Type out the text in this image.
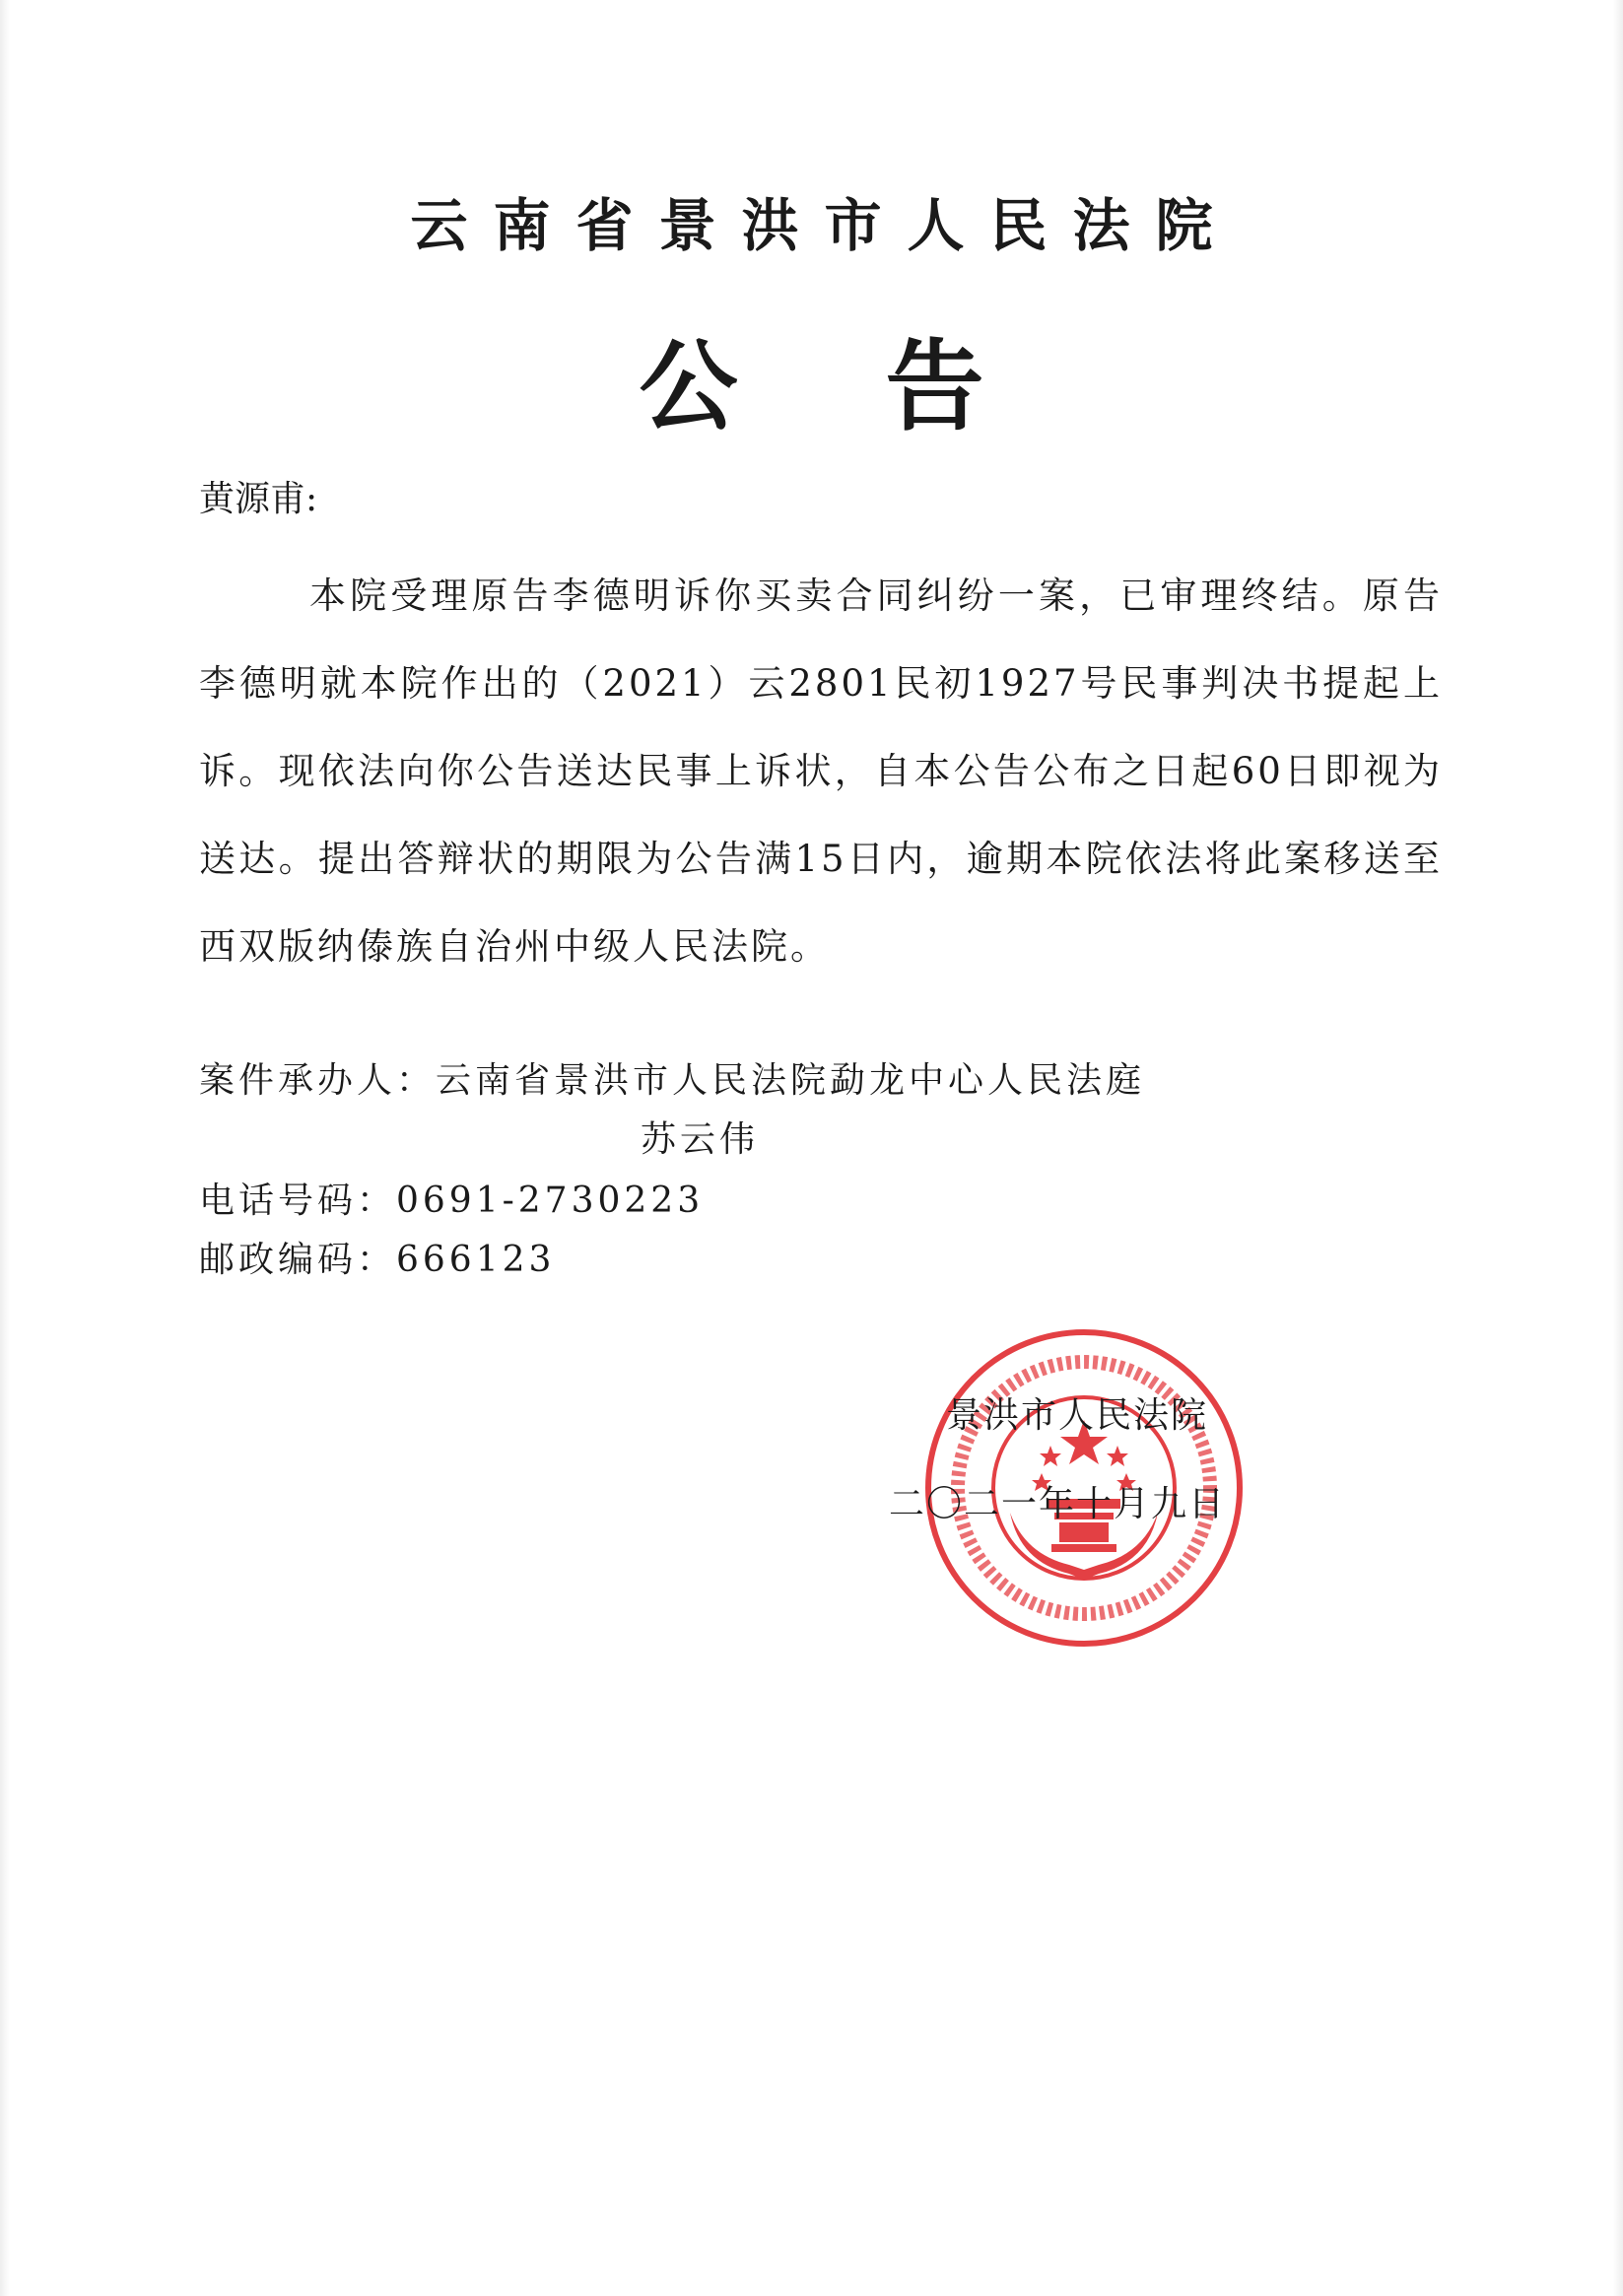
云南省景洪市人民法院
公告
黄源甫:
本院受理原告李德明诉你买卖合同纠纷一案，已审理终结。原告李德明就本院作出的（2021）云2801民初1927号民事判决书提起上诉。现依法向你公告送达民事上诉状，自本公告公布之日起60日即视为送达。提出答辩状的期限为公告满15日内，逾期本院依法将此案移送至西双版纳傣族自治州中级人民法院。
案件承办人：云南省景洪市人民法院勐龙中心人民法庭
苏云伟
电话号码：0691-2730223
邮政编码：666123
景洪市人民法院
二〇二一年十月九日
